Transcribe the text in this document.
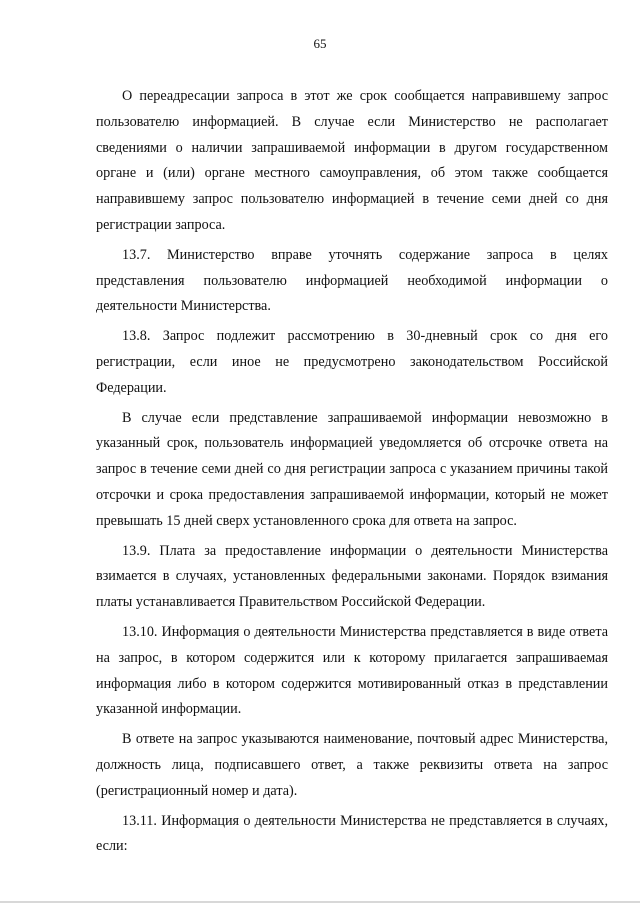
65

О переадресации запроса в этот же срок сообщается направившему запрос пользователю информацией. В случае если Министерство не располагает сведениями о наличии запрашиваемой информации в другом государственном органе и (или) органе местного самоуправления, об этом также сообщается направившему запрос пользователю информацией в течение семи дней со дня регистрации запроса.

13.7. Министерство вправе уточнять содержание запроса в целях представления пользователю информацией необходимой информации о деятельности Министерства.

13.8. Запрос подлежит рассмотрению в 30-дневный срок со дня его регистрации, если иное не предусмотрено законодательством Российской Федерации.

В случае если представление запрашиваемой информации невозможно в указанный срок, пользователь информацией уведомляется об отсрочке ответа на запрос в течение семи дней со дня регистрации запроса с указанием причины такой отсрочки и срока предоставления запрашиваемой информации, который не может превышать 15 дней сверх установленного срока для ответа на запрос.

13.9. Плата за предоставление информации о деятельности Министерства взимается в случаях, установленных федеральными законами. Порядок взимания платы устанавливается Правительством Российской Федерации.

13.10. Информация о деятельности Министерства представляется в виде ответа на запрос, в котором содержится или к которому прилагается запрашиваемая информация либо в котором содержится мотивированный отказ в представлении указанной информации.

В ответе на запрос указываются наименование, почтовый адрес Министерства, должность лица, подписавшего ответ, а также реквизиты ответа на запрос (регистрационный номер и дата).

13.11. Информация о деятельности Министерства не представляется в случаях, если:
